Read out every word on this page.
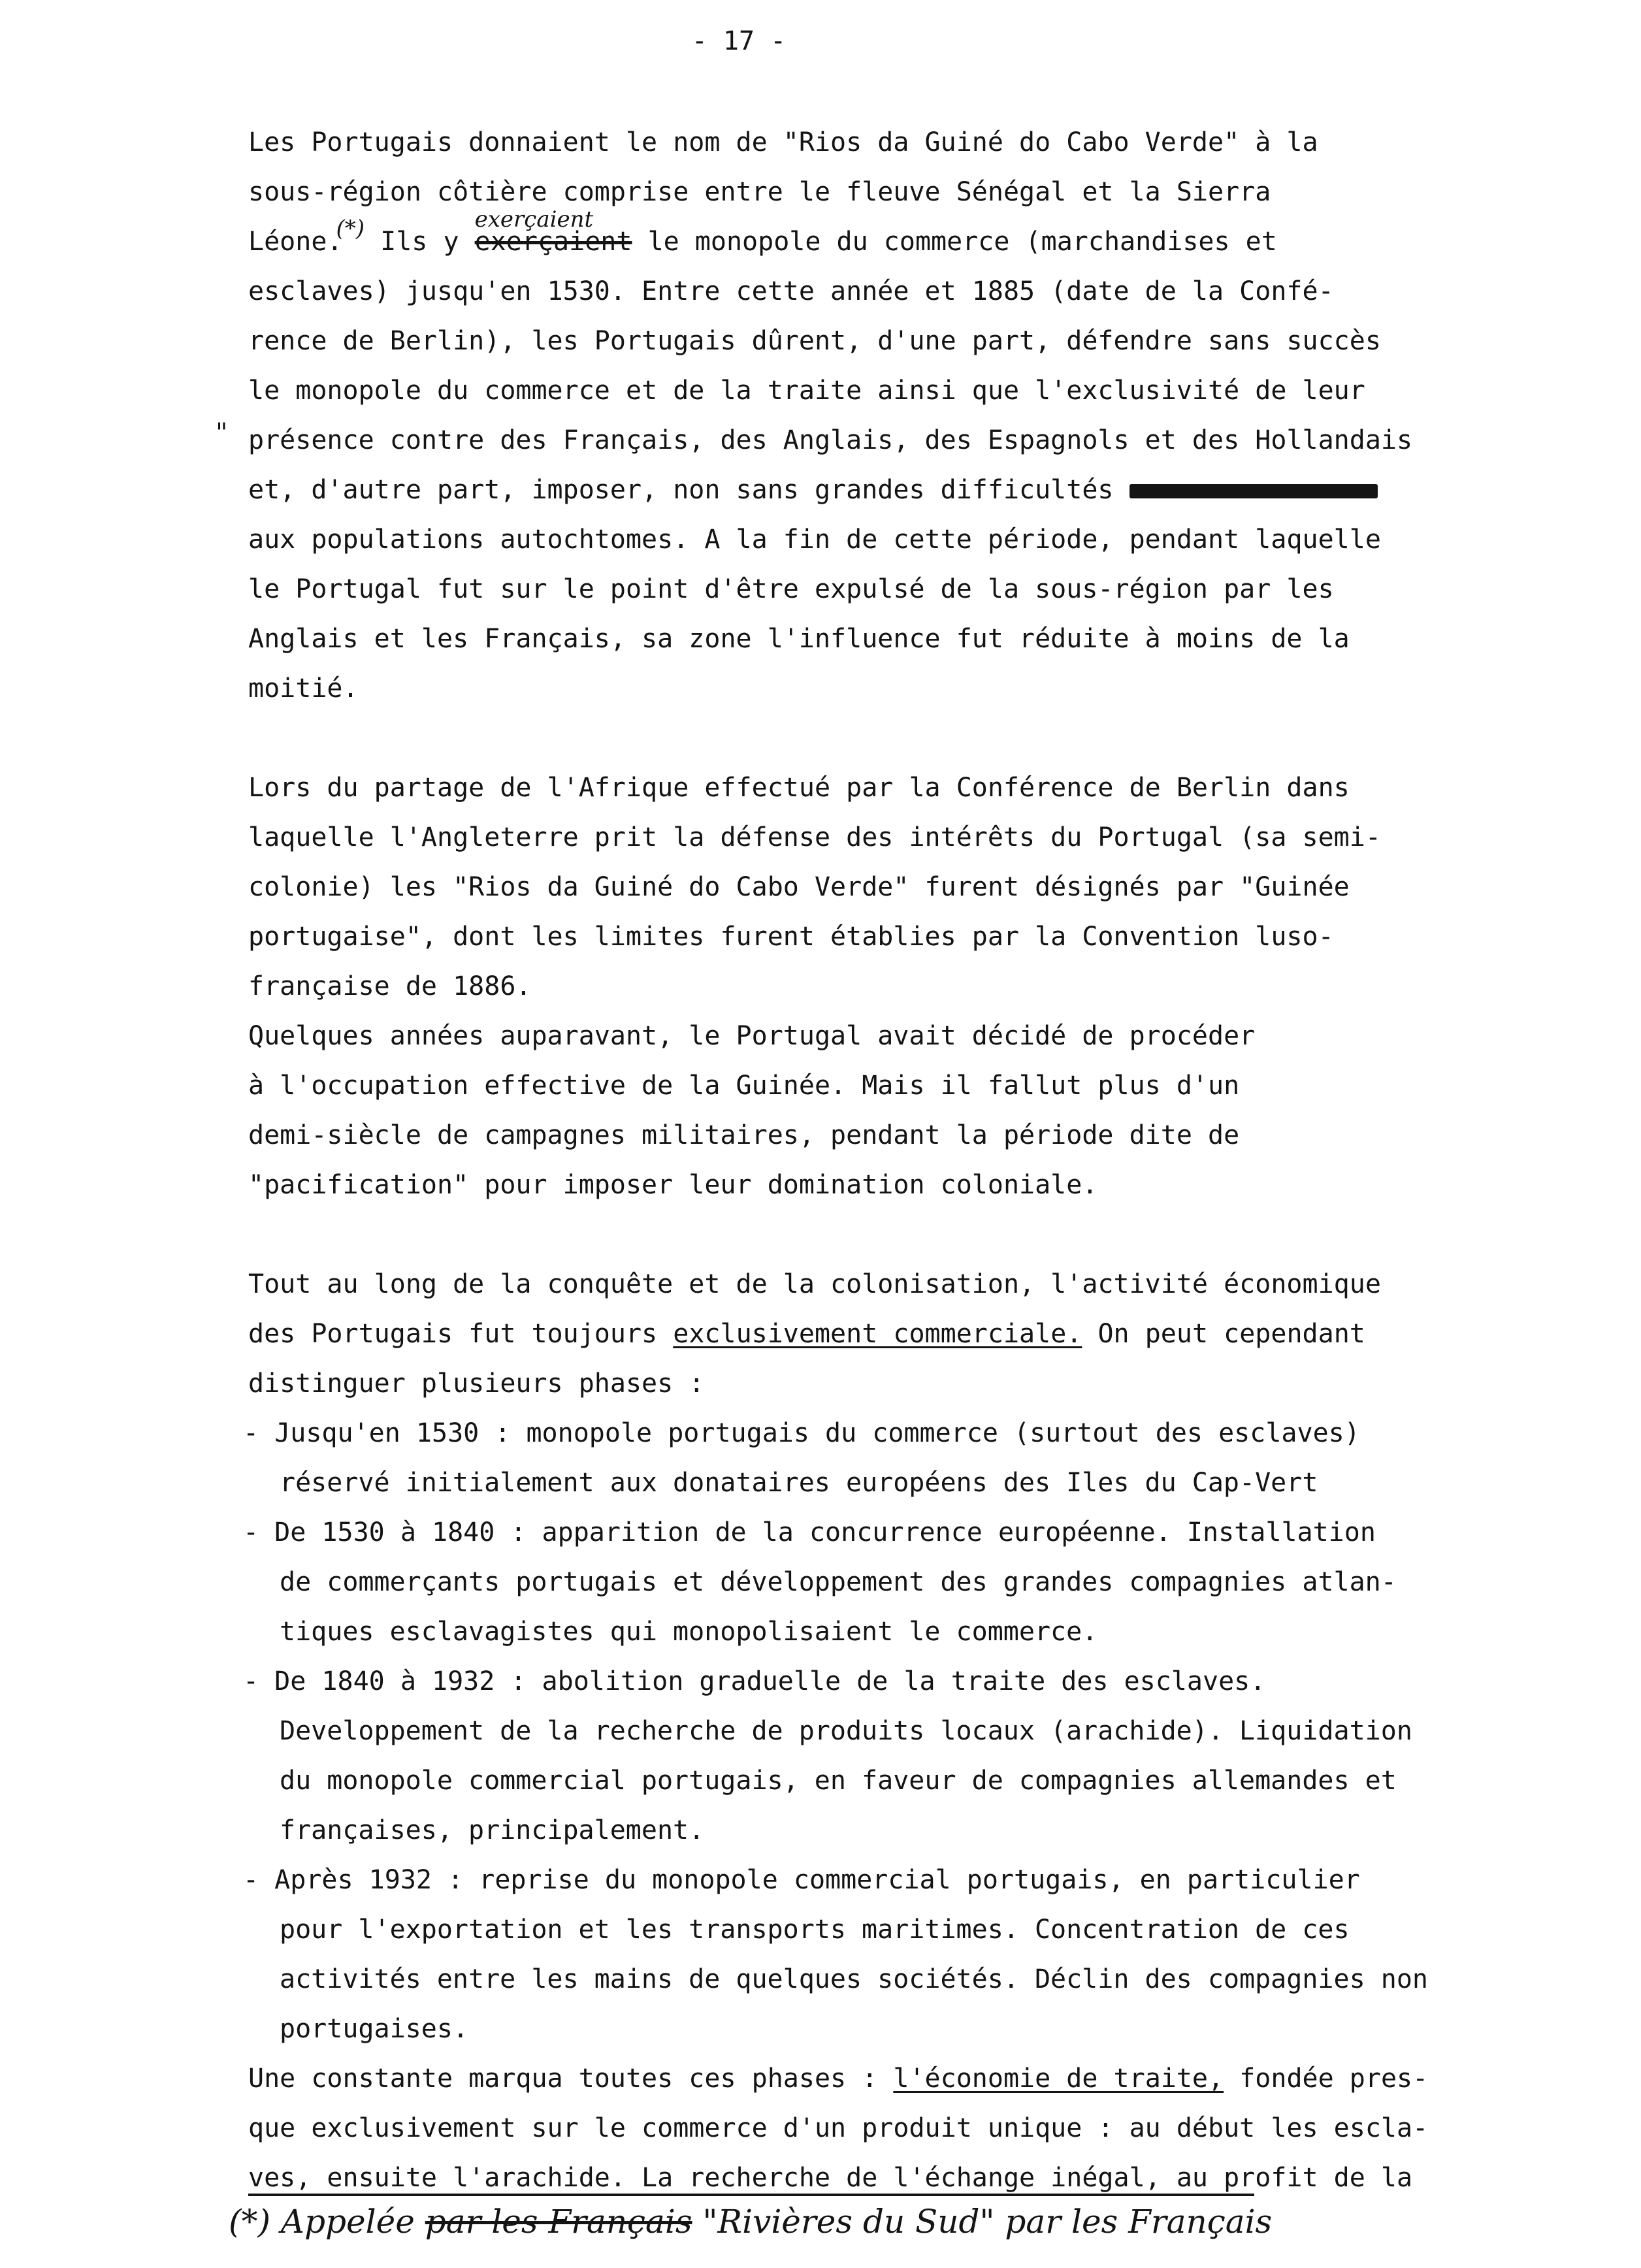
- 17 -
Les Portugais donnaient le nom de "Rios da Guiné do Cabo Verde" à la
sous-région côtière comprise entre le fleuve Sénégal et la Sierra
Léone.(*) Ils y
exerçaient
exerçaient le monopole du commerce (marchandises et
esclaves) jusqu'en 1530. Entre cette année et 1885 (date de la Confé-
rence de Berlin), les Portugais dûrent, d'une part, défendre sans succès
le monopole du commerce et de la traite ainsi que l'exclusivité de leur
présence contre des Français, des Anglais, des Espagnols et des Hollandais
et, d'autre part, imposer, non sans grandes difficultés
aux populations autochtomes. A la fin de cette période, pendant laquelle
le Portugal fut sur le point d'être expulsé de la sous-région par les
Anglais et les Français, sa zone l'influence fut réduite à moins de la
moitié.
"
Lors du partage de l'Afrique effectué par la Conférence de Berlin dans
laquelle l'Angleterre prit la défense des intérêts du Portugal (sa semi-
colonie) les "Rios da Guiné do Cabo Verde" furent désignés par "Guinée
portugaise", dont les limites furent établies par la Convention luso-
française de 1886.
Quelques années auparavant, le Portugal avait décidé de procéder
à l'occupation effective de la Guinée. Mais il fallut plus d'un
demi-siècle de campagnes militaires, pendant la période dite de
"pacification" pour imposer leur domination coloniale.
Tout au long de la conquête et de la colonisation, l'activité économique
des Portugais fut toujours exclusivement commerciale. On peut cependant
distinguer plusieurs phases :
- Jusqu'en 1530 : monopole portugais du commerce (surtout des esclaves)
réservé initialement aux donataires européens des Iles du Cap-Vert
- De 1530 à 1840 : apparition de la concurrence européenne. Installation
de commerçants portugais et développement des grandes compagnies atlan-
tiques esclavagistes qui monopolisaient le commerce.
- De 1840 à 1932 : abolition graduelle de la traite des esclaves.
Developpement de la recherche de produits locaux (arachide). Liquidation
du monopole commercial portugais, en faveur de compagnies allemandes et
françaises, principalement.
- Après 1932 : reprise du monopole commercial portugais, en particulier
pour l'exportation et les transports maritimes. Concentration de ces
activités entre les mains de quelques sociétés. Déclin des compagnies non
portugaises.
Une constante marqua toutes ces phases : l'économie de traite, fondée pres-
que exclusivement sur le commerce d'un produit unique : au début les escla-
ves, ensuite l'arachide. La recherche de l'échange inégal, au profit de la
(*) Appelée par les Français "Rivières du Sud" par les Français
